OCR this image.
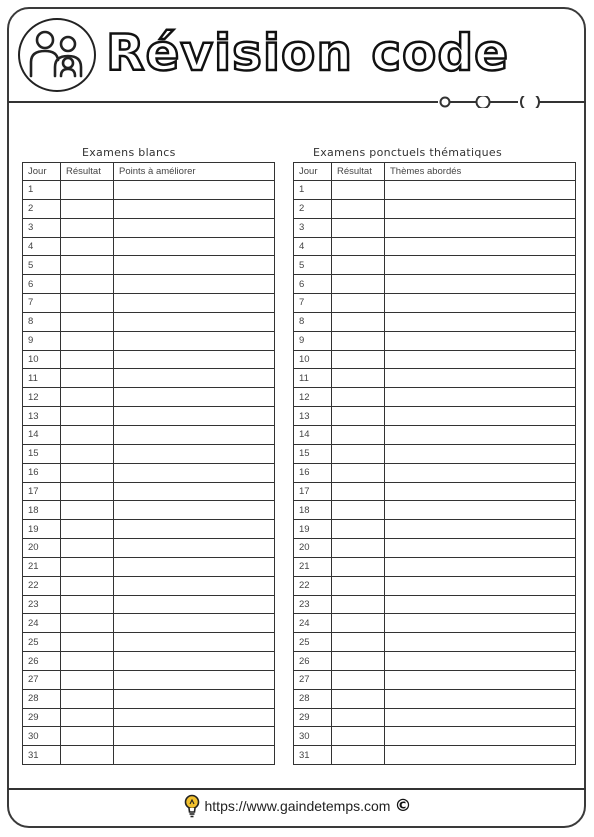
Révision code
Examens blancs	Examens ponctuels thématiques
Jour	Résultat	Points à améliorer
1		
2		
3		
4		
5		
6		
7		
8		
9		
10		
11		
12		
13		
14		
15		
16		
17		
18		
19		
20		
21		
22		
23		
24		
25		
26		
27		
28		
29		
30		
31		
Jour	Résultat	Thèmes abordés
1		
2		
3		
4		
5		
6		
7		
8		
9		
10		
11		
12		
13		
14		
15		
16		
17		
18		
19		
20		
21		
22		
23		
24		
25		
26		
27		
28		
29		
30		
31		
https://www.gaindetemps.com ©
